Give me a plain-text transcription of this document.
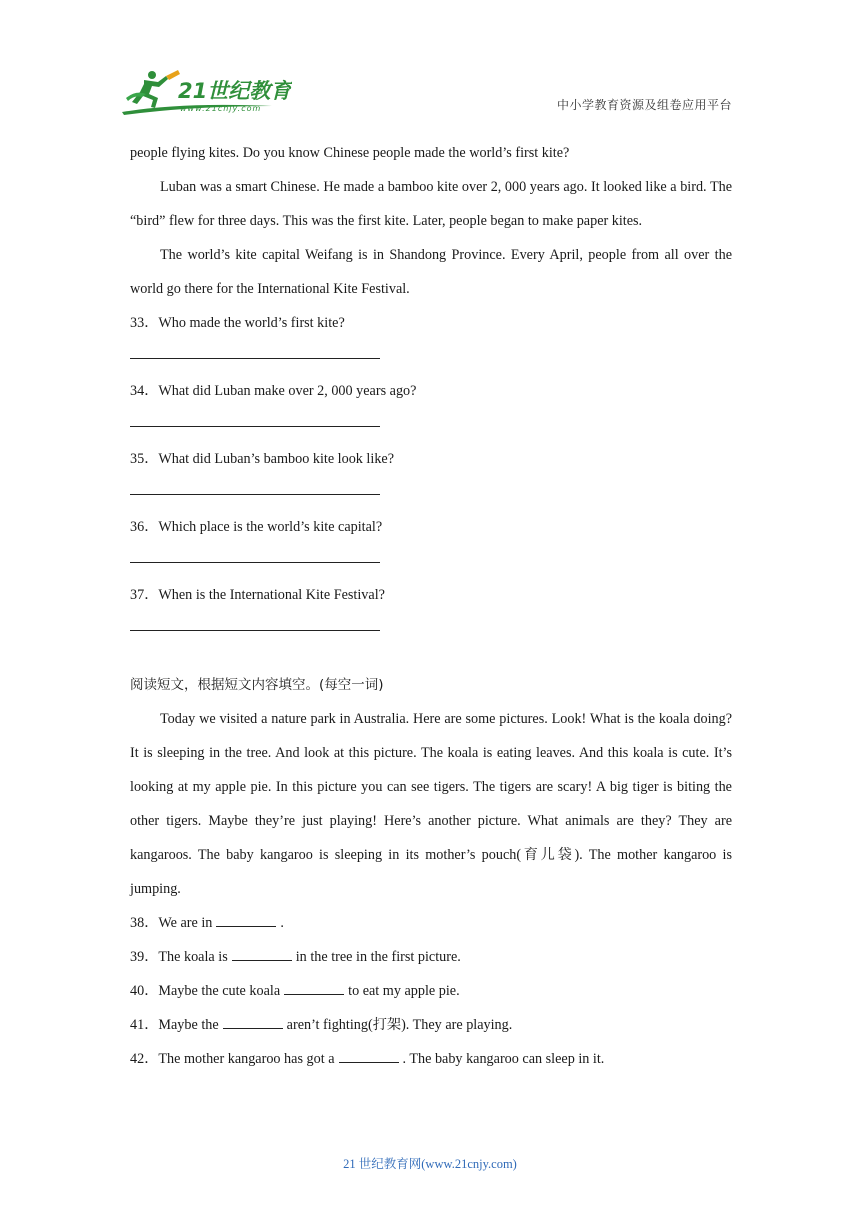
21世纪教育
www.21cnjy.com	中小学教育资源及组卷应用平台

people flying kites. Do you know Chinese people made the world’s first kite?

Luban was a smart Chinese. He made a bamboo kite over 2, 000 years ago. It looked like a bird. The “bird” flew for three days. This was the first kite. Later, people began to make paper kites.

The world’s kite capital Weifang is in Shandong Province. Every April, people from all over the world go there for the International Kite Festival.

33．Who made the world’s first kite?

34．What did Luban make over 2, 000 years ago?

35．What did Luban’s bamboo kite look like?

36．Which place is the world’s kite capital?

37．When is the International Kite Festival?

阅读短文，根据短文内容填空。(每空一词)

Today we visited a nature park in Australia. Here are some pictures. Look! What is the koala doing? It is sleeping in the tree. And look at this picture. The koala is eating leaves. And this koala is cute. It’s looking at my apple pie. In this picture you can see tigers. The tigers are scary! A big tiger is biting the other tigers. Maybe they’re just playing! Here’s another picture. What animals are they? They are kangaroos. The baby kangaroo is sleeping in its mother’s pouch(育儿袋). The mother kangaroo is jumping.

38．We are in	.

39．The koala is	in the tree in the first picture.

40．Maybe the cute koala	to eat my apple pie.

41．Maybe the	aren’t fighting(打架). They are playing.

42．The mother kangaroo has got a	. The baby kangaroo can sleep in it.

21 世纪教育网(www.21cnjy.com)
